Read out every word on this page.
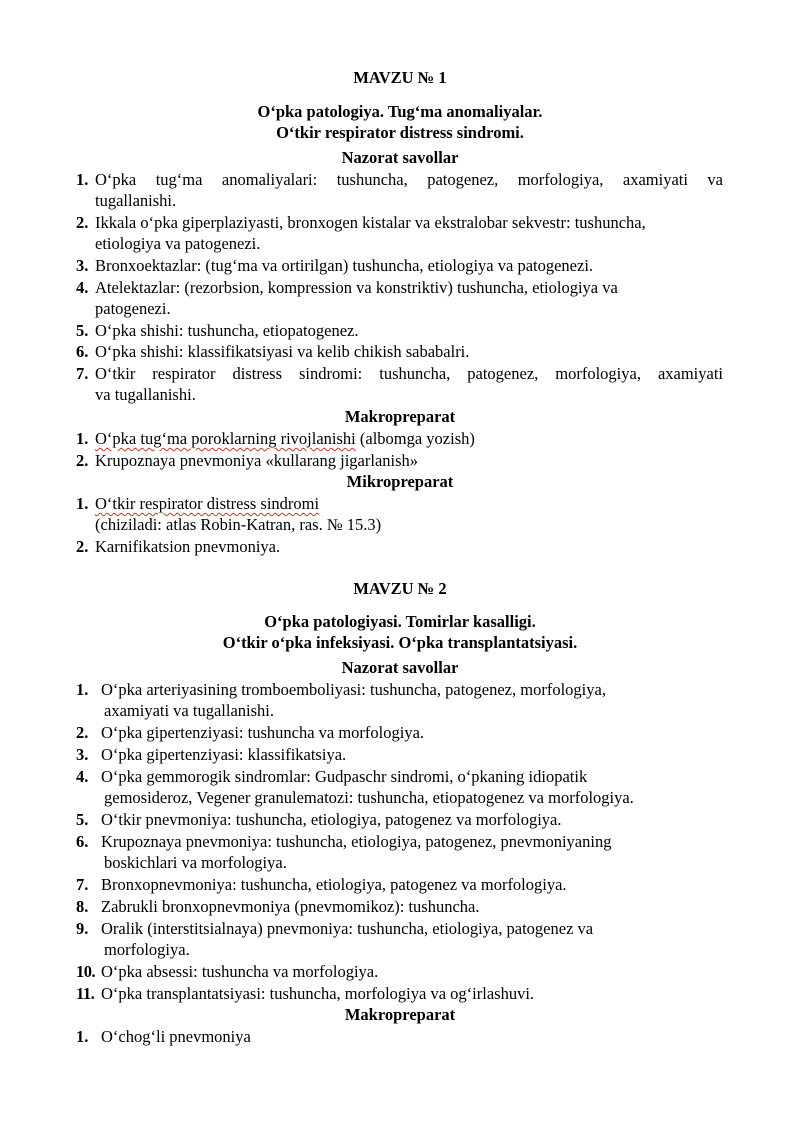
MAVZU № 1
O‘pka patologiya. Tug‘ma anomaliyalar.
O‘tkir respirator distress sindromi.
Nazorat savollar
1. O‘pka tug‘ma anomaliyalari: tushuncha, patogenez, morfologiya, axamiyati va
tugallanishi.
2. Ikkala o‘pka giperplaziyasti, bronxogen kistalar va ekstralobar sekvestr: tushuncha,
etiologiya va patogenezi.
3. Bronxoektazlar: (tug‘ma va ortirilgan) tushuncha, etiologiya va patogenezi.
4. Atelektazlar: (rezorbsion, kompression va konstriktiv) tushuncha, etiologiya va
patogenezi.
5. O‘pka shishi: tushuncha, etiopatogenez.
6. O‘pka shishi: klassifikatsiyasi va kelib chikish sababalri.
7. O‘tkir respirator distress sindromi: tushuncha, patogenez, morfologiya, axamiyati
va tugallanishi.
Makropreparat
1. O‘pka tug‘ma poroklarning rivojlanishi (albomga yozish)
2. Krupoznaya pnevmoniya «kullarang jigarlanish»
Mikropreparat
1. O‘tkir respirator distress sindromi
(chiziladi: atlas Robin-Katran, ras. № 15.3)
2. Karnifikatsion pnevmoniya.
MAVZU № 2
O‘pka patologiyasi. Tomirlar kasalligi.
O‘tkir o‘pka infeksiyasi. O‘pka transplantatsiyasi.
Nazorat savollar
1. O‘pka arteriyasining tromboemboliyasi: tushuncha, patogenez, morfologiya,
axamiyati va tugallanishi.
2. O‘pka gipertenziyasi: tushuncha va morfologiya.
3. O‘pka gipertenziyasi: klassifikatsiya.
4. O‘pka gemmorogik sindromlar: Gudpaschr sindromi, o‘pkaning idiopatik
gemosideroz, Vegener granulematozi: tushuncha, etiopatogenez va morfologiya.
5. O‘tkir pnevmoniya: tushuncha, etiologiya, patogenez va morfologiya.
6. Krupoznaya pnevmoniya: tushuncha, etiologiya, patogenez, pnevmoniyaning
boskichlari va morfologiya.
7. Bronxopnevmoniya: tushuncha, etiologiya, patogenez va morfologiya.
8. Zabrukli bronxopnevmoniya (pnevmomikoz): tushuncha.
9. Oralik (interstitsialnaya) pnevmoniya: tushuncha, etiologiya, patogenez va
morfologiya.
10. O‘pka absessi: tushuncha va morfologiya.
11. O‘pka transplantatsiyasi: tushuncha, morfologiya va og‘irlashuvi.
Makropreparat
1. O‘chog‘li pnevmoniya
